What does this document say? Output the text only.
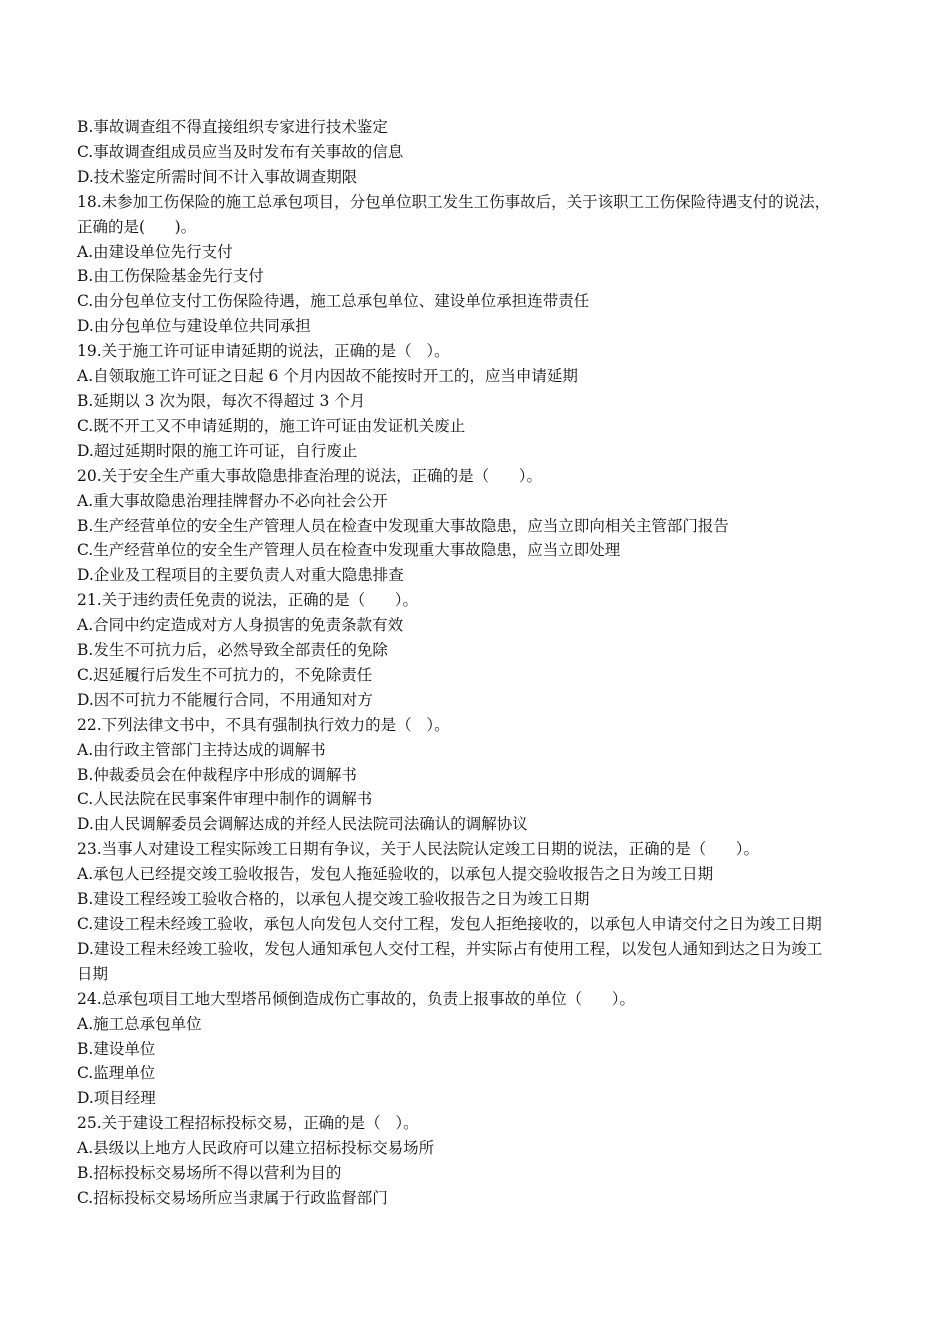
B.事故调查组不得直接组织专家进行技术鉴定

C.事故调查组成员应当及时发布有关事故的信息

D.技术鉴定所需时间不计入事故调查期限

18.未参加工伤保险的施工总承包项目，分包单位职工发生工伤事故后，关于该职工工伤保险待遇支付的说法，

正确的是(      )。

A.由建设单位先行支付

B.由工伤保险基金先行支付

C.由分包单位支付工伤保险待遇，施工总承包单位、建设单位承担连带责任

D.由分包单位与建设单位共同承担

19.关于施工许可证申请延期的说法，正确的是（   ）。

A.自领取施工许可证之日起 6 个月内因故不能按时开工的，应当申请延期

B.延期以 3 次为限，每次不得超过 3 个月

C.既不开工又不申请延期的，施工许可证由发证机关废止

D.超过延期时限的施工许可证，自行废止

20.关于安全生产重大事故隐患排查治理的说法，正确的是（      ）。

A.重大事故隐患治理挂牌督办不必向社会公开

B.生产经营单位的安全生产管理人员在检查中发现重大事故隐患，应当立即向相关主管部门报告

C.生产经营单位的安全生产管理人员在检查中发现重大事故隐患，应当立即处理

D.企业及工程项目的主要负责人对重大隐患排查

21.关于违约责任免责的说法，正确的是（      ）。

A.合同中约定造成对方人身损害的免责条款有效

B.发生不可抗力后，必然导致全部责任的免除

C.迟延履行后发生不可抗力的，不免除责任

D.因不可抗力不能履行合同，不用通知对方

22.下列法律文书中，不具有强制执行效力的是（   ）。

A.由行政主管部门主持达成的调解书

B.仲裁委员会在仲裁程序中形成的调解书

C.人民法院在民事案件审理中制作的调解书

D.由人民调解委员会调解达成的并经人民法院司法确认的调解协议

23.当事人对建设工程实际竣工日期有争议，关于人民法院认定竣工日期的说法，正确的是（      ）。

A.承包人已经提交竣工验收报告，发包人拖延验收的，以承包人提交验收报告之日为竣工日期

B.建设工程经竣工验收合格的，以承包人提交竣工验收报告之日为竣工日期

C.建设工程未经竣工验收，承包人向发包人交付工程，发包人拒绝接收的，以承包人申请交付之日为竣工日期

D.建设工程未经竣工验收，发包人通知承包人交付工程，并实际占有使用工程，以发包人通知到达之日为竣工

日期

24.总承包项目工地大型塔吊倾倒造成伤亡事故的，负责上报事故的单位（      ）。

A.施工总承包单位

B.建设单位

C.监理单位

D.项目经理

25.关于建设工程招标投标交易，正确的是（   ）。

A.县级以上地方人民政府可以建立招标投标交易场所

B.招标投标交易场所不得以营利为目的

C.招标投标交易场所应当隶属于行政监督部门
